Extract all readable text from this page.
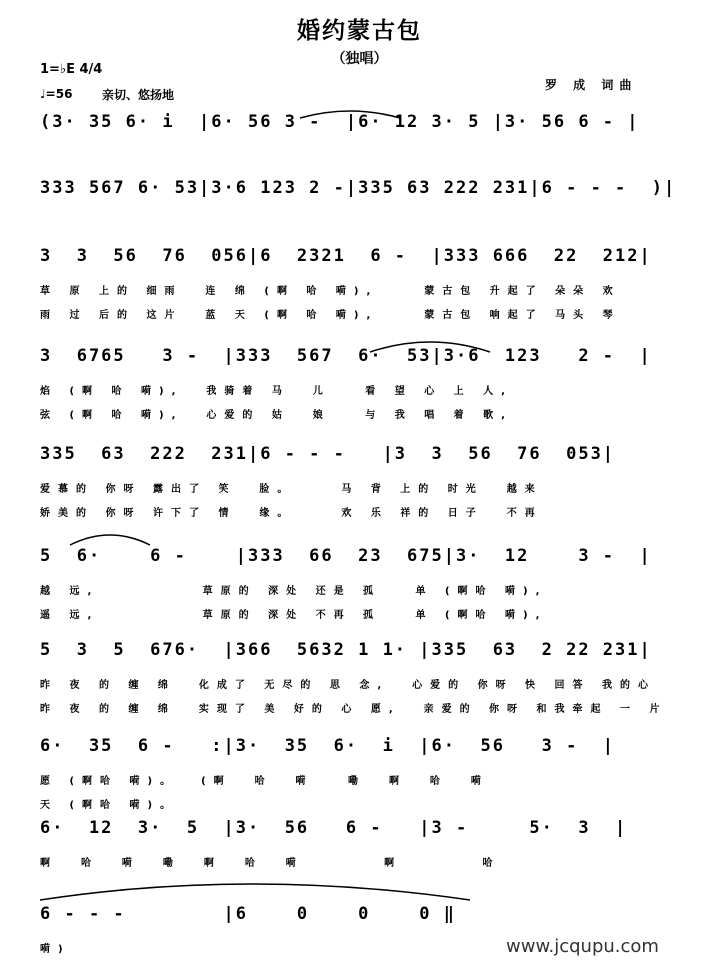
婚约蒙古包
（独唱）
1=♭E 4/4
♩=56 亲切、悠扬地
罗 成 词曲
(3· 35 6· i  |6· 56 3 -  |6· 12 3· 5 |3· 56 6 - |
333 567 6· 53|3·6 123 2 -|335 63 222 231|6 - - -  )|
3  3  56  76  056|6  2321  6 -  |333 666  22  212|
草 原 上的 细雨  连 绵 (啊 哈 嗬),    蒙古包 升起了 朵朵 欢
雨 过 后的 这片  蓝 天 (啊 哈 嗬),    蒙古包 响起了 马头 琴
3  6765   3 -  |333  567  6·  53|3·6  123   2 -  |
焰 (啊 哈 嗬),  我骑着 马  儿   看 望 心 上 人,
弦 (啊 哈 嗬),  心爱的 姑  娘   与 我 唱 着 歌,
335  63  222  231|6 - - -   |3  3  56  76  053|
爱慕的 你呀 露出了 笑  脸。    马 背 上的 时光  越来
娇美的 你呀 许下了 情  缘。    欢 乐 祥的 日子  不再
5  6·    6 -    |333  66  23  675|3·  12    3 -  |
越 远,         草原的 深处 还是 孤   单 (啊哈 嗬),
遥 远,         草原的 深处 不再 孤   单 (啊哈 嗬),
5  3  5  676·  |366  5632 1 1· |335  63  2 22 231|
昨 夜 的 缠 绵  化成了 无尽的 思 念,  心爱的 你呀 快 回答 我的心
昨 夜 的 缠 绵  实现了 美 好的 心 愿,  亲爱的 你呀 和我牵起 一 片
6·  35  6 -   :|3·  35  6·  i  |6·  56   3 -  |
愿 (啊哈 嗬)。  (啊  哈  嗬   嘞  啊  哈  嗬
天 (啊哈 嗬)。
6·  12  3·  5  |3·  56   6 -   |3 -     5·  3  |
啊  哈  嗬  嘞  啊  哈  嗬       啊       哈
6 - - -        |6    0    0    0 ‖
嗬)	www.jcqupu.com
